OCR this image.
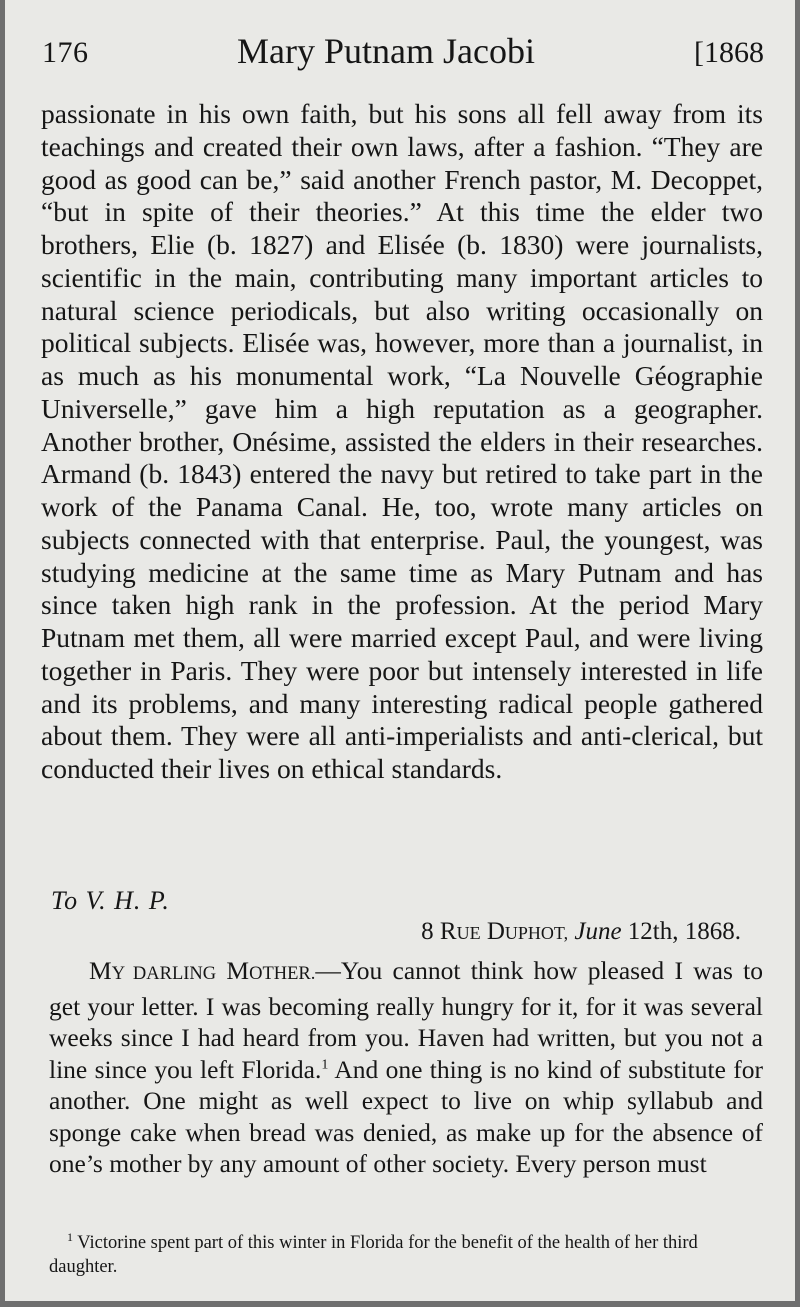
176	Mary Putnam Jacobi	[1868

passionate in his own faith, but his sons all fell away from its teachings and created their own laws, after a fashion. “They are good as good can be,” said another French pastor, M. Decoppet, “but in spite of their theories.” At this time the elder two brothers, Elie (b. 1827) and Elisée (b. 1830) were journalists, scientific in the main, contributing many important articles to natural science periodicals, but also writing occasionally on political subjects. Elisée was, however, more than a journalist, in as much as his monumental work, “La Nouvelle Géographie Universelle,” gave him a high reputation as a geographer. Another brother, Onésime, assisted the elders in their researches. Armand (b. 1843) entered the navy but retired to take part in the work of the Panama Canal. He, too, wrote many articles on subjects connected with that enterprise. Paul, the youngest, was studying medicine at the same time as Mary Putnam and has since taken high rank in the profession. At the period Mary Putnam met them, all were married except Paul, and were living together in Paris. They were poor but intensely interested in life and its problems, and many interesting radical people gathered about them. They were all anti-imperialists and anti-clerical, but conducted their lives on ethical standards.

To V. H. P.
8 RUE DUPHOT, June 12th, 1868.

MY DARLING MOTHER.—You cannot think how pleased I was to get your letter. I was becoming really hungry for it, for it was several weeks since I had heard from you. Haven had written, but you not a line since you left Florida.$^1$ And one thing is no kind of substitute for another. One might as well expect to live on whip syllabub and sponge cake when bread was denied, as make up for the absence of one’s mother by any amount of other society. Every person must

$^1$ Victorine spent part of this winter in Florida for the benefit of the health of her third daughter.
